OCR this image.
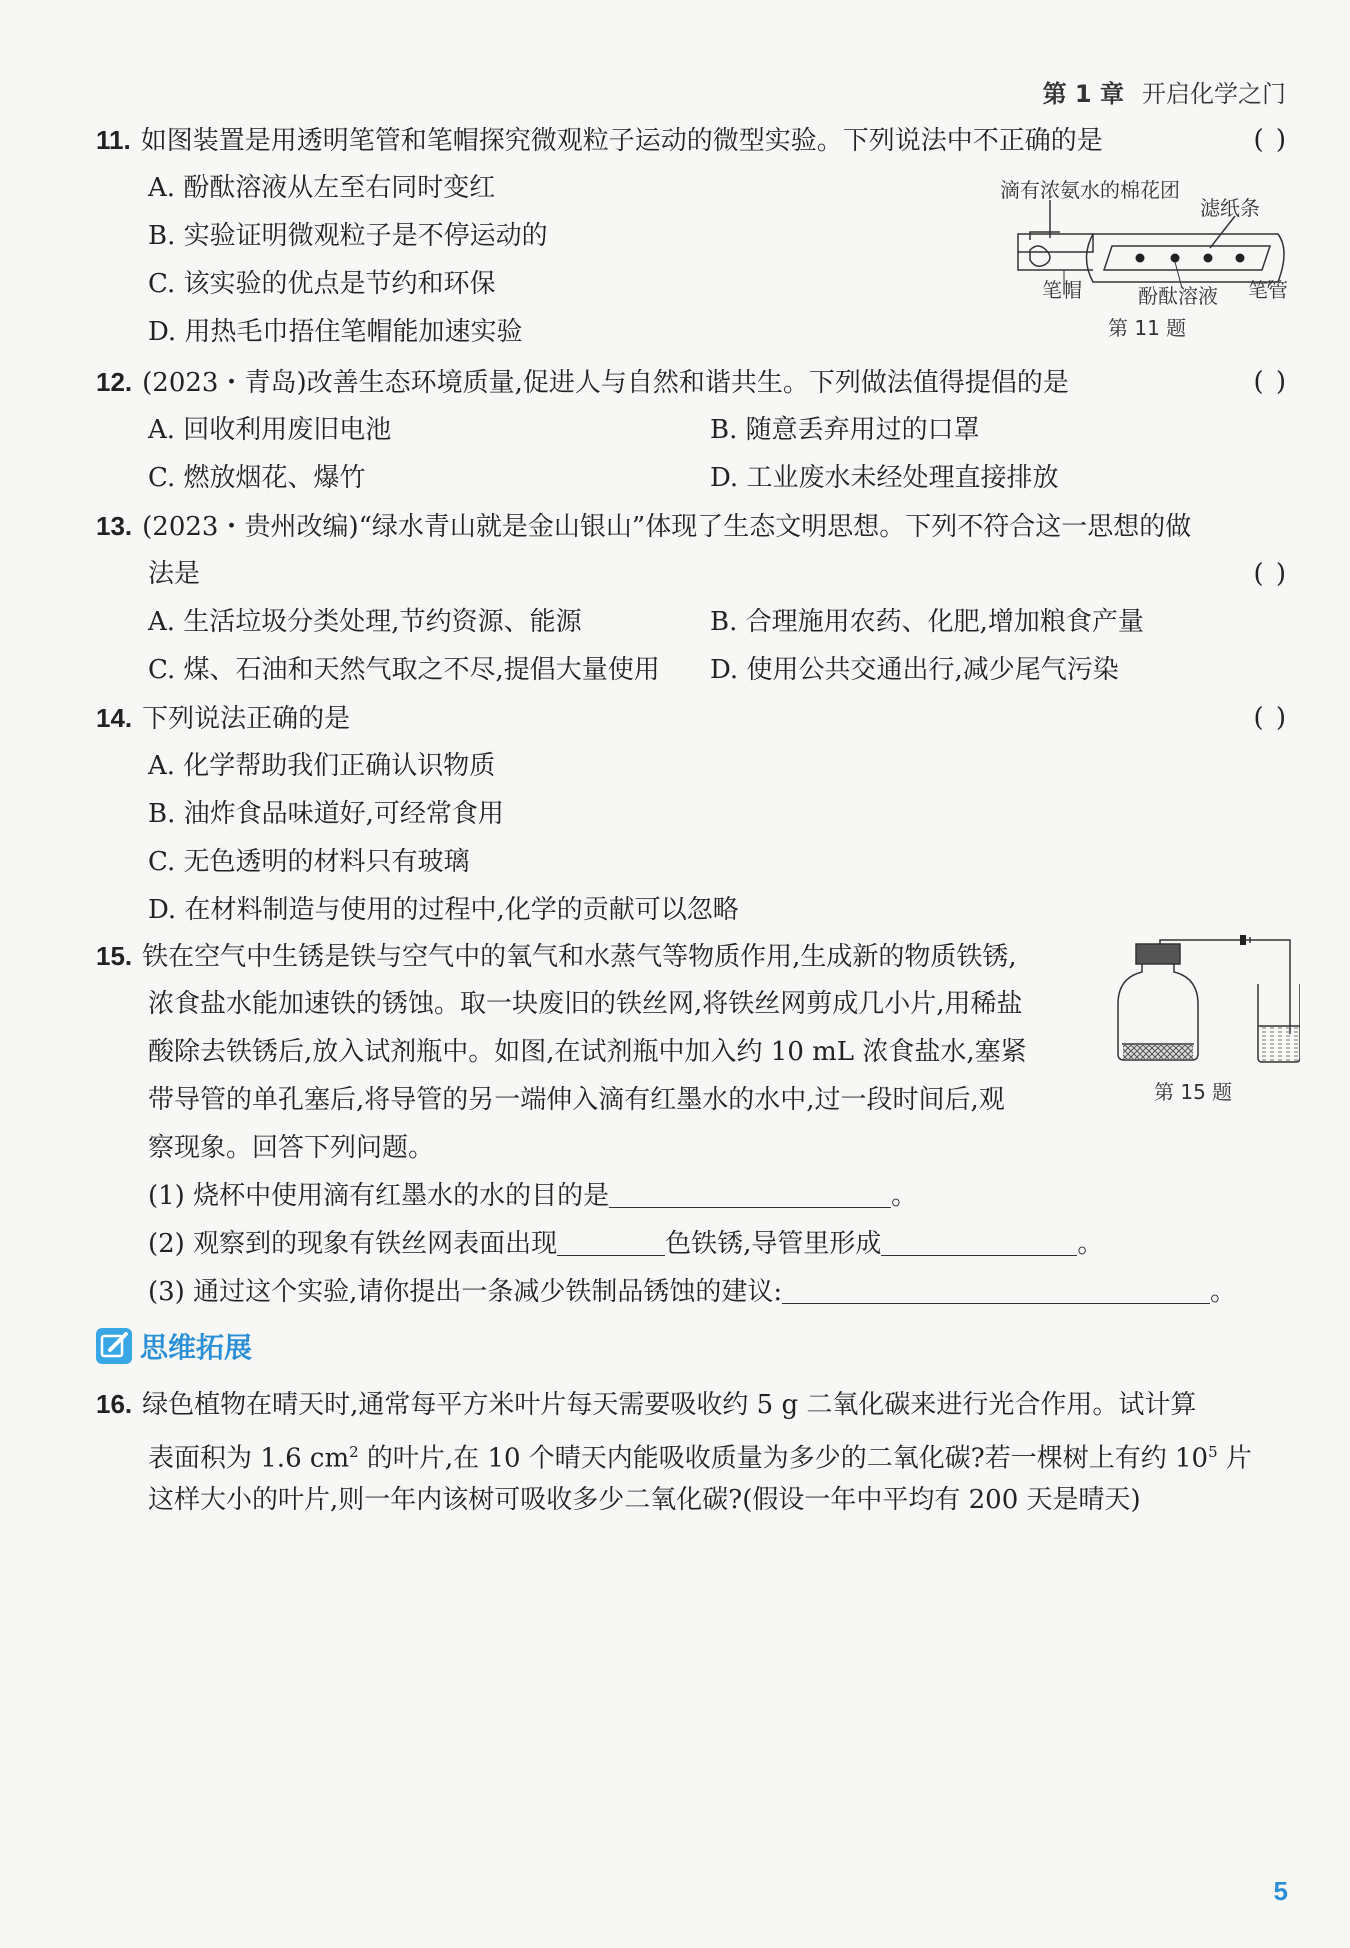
第 1 章 开启化学之门
11. 如图装置是用透明笔管和笔帽探究微观粒子运动的微型实验。下列说法中不正确的是	( )
A. 酚酞溶液从左至右同时变红
B. 实验证明微观粒子是不停运动的
C. 该实验的优点是节约和环保
D. 用热毛巾捂住笔帽能加速实验
滴有浓氨水的棉花团
滤纸条
笔帽	酚酞溶液 笔管
第 11 题
12. (2023・青岛)改善生态环境质量,促进人与自然和谐共生。下列做法值得提倡的是	( )
A. 回收利用废旧电池	B. 随意丢弃用过的口罩
C. 燃放烟花、爆竹	D. 工业废水未经处理直接排放
13. (2023・贵州改编)“绿水青山就是金山银山”体现了生态文明思想。下列不符合这一思想的做
法是	( )
A. 生活垃圾分类处理,节约资源、能源	B. 合理施用农药、化肥,增加粮食产量
C. 煤、石油和天然气取之不尽,提倡大量使用 D. 使用公共交通出行,减少尾气污染
14. 下列说法正确的是	( )
A. 化学帮助我们正确认识物质
B. 油炸食品味道好,可经常食用
C. 无色透明的材料只有玻璃
D. 在材料制造与使用的过程中,化学的贡献可以忽略
15. 铁在空气中生锈是铁与空气中的氧气和水蒸气等物质作用,生成新的物质铁锈,
浓食盐水能加速铁的锈蚀。取一块废旧的铁丝网,将铁丝网剪成几小片,用稀盐
酸除去铁锈后,放入试剂瓶中。如图,在试剂瓶中加入约 10 mL 浓食盐水,塞紧
带导管的单孔塞后,将导管的另一端伸入滴有红墨水的水中,过一段时间后,观
察现象。回答下列问题。
(1) 烧杯中使用滴有红墨水的水的目的是	。
(2) 观察到的现象有铁丝网表面出现	色铁锈,导管里形成	。
(3) 通过这个实验,请你提出一条减少铁制品锈蚀的建议:	。
第 15 题
思维拓展
16. 绿色植物在晴天时,通常每平方米叶片每天需要吸收约 5 g 二氧化碳来进行光合作用。试计算
表面积为 1.6 $cm^2$ 的叶片,在 10 个晴天内能吸收质量为多少的二氧化碳?若一棵树上有约 $10^5$ 片
这样大小的叶片,则一年内该树可吸收多少二氧化碳?(假设一年中平均有 200 天是晴天)
5
